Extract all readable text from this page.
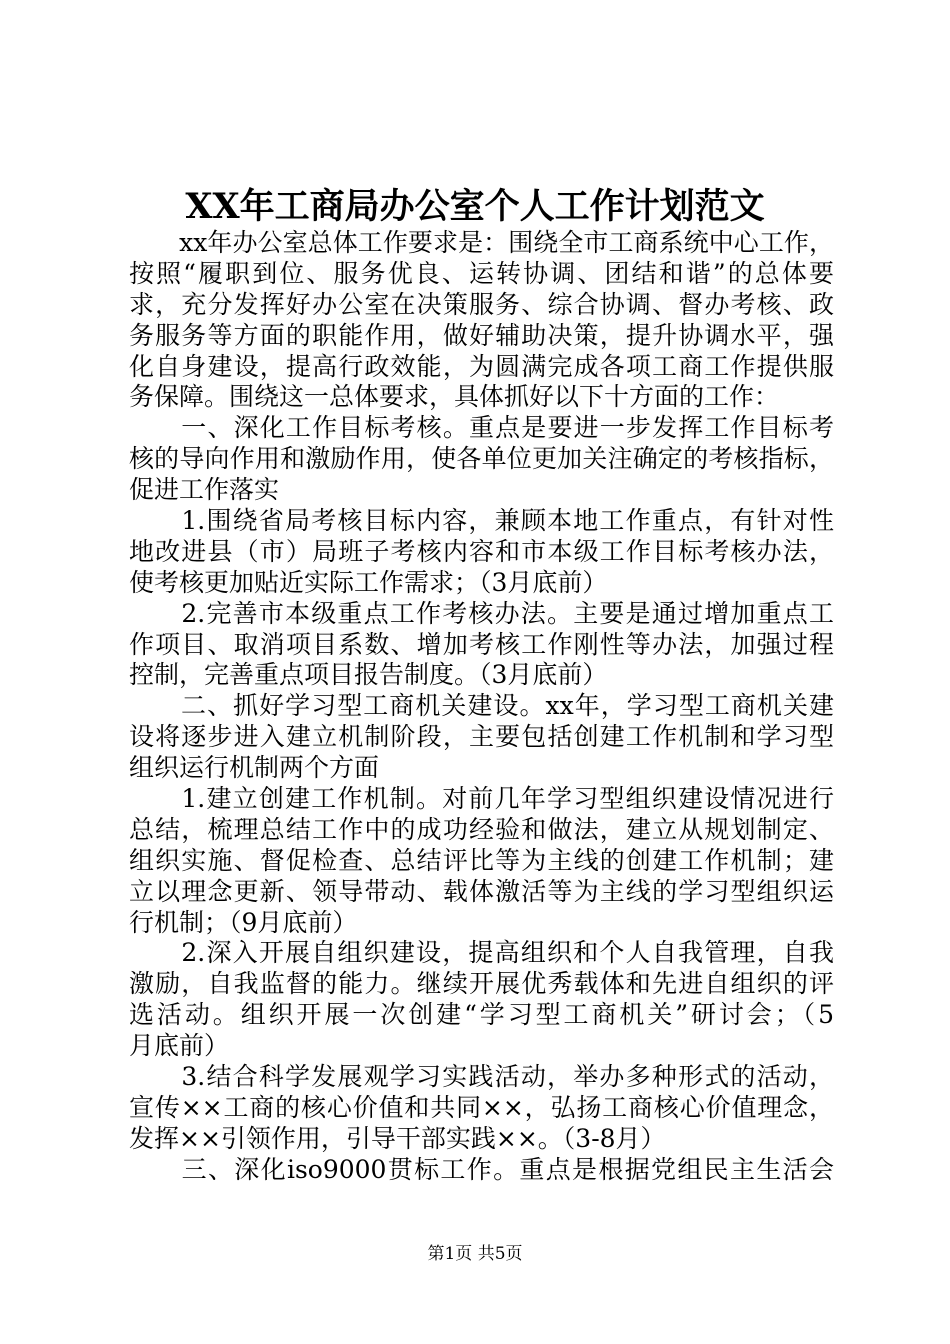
XX年工商局办公室个人工作计划范文
　　xx年办公室总体工作要求是：围绕全市工商系统中心工作，
按照“履职到位、服务优良、运转协调、团结和谐”的总体要
求，充分发挥好办公室在决策服务、综合协调、督办考核、政
务服务等方面的职能作用，做好辅助决策，提升协调水平，强
化自身建设，提高行政效能，为圆满完成各项工商工作提供服
务保障。围绕这一总体要求，具体抓好以下十方面的工作：
　　一、深化工作目标考核。重点是要进一步发挥工作目标考
核的导向作用和激励作用，使各单位更加关注确定的考核指标，
促进工作落实
　　1.围绕省局考核目标内容，兼顾本地工作重点，有针对性
地改进县（市）局班子考核内容和市本级工作目标考核办法，
使考核更加贴近实际工作需求；（3月底前）
　　2.完善市本级重点工作考核办法。主要是通过增加重点工
作项目、取消项目系数、增加考核工作刚性等办法，加强过程
控制，完善重点项目报告制度。（3月底前）
　　二、抓好学习型工商机关建设。xx年，学习型工商机关建
设将逐步进入建立机制阶段，主要包括创建工作机制和学习型
组织运行机制两个方面
　　1.建立创建工作机制。对前几年学习型组织建设情况进行
总结，梳理总结工作中的成功经验和做法，建立从规划制定、
组织实施、督促检查、总结评比等为主线的创建工作机制；建
立以理念更新、领导带动、载体激活等为主线的学习型组织运
行机制；（9月底前）
　　2.深入开展自组织建设，提高组织和个人自我管理，自我
激励，自我监督的能力。继续开展优秀载体和先进自组织的评
选活动。组织开展一次创建“学习型工商机关”研讨会；（5
月底前）
　　3.结合科学发展观学习实践活动，举办多种形式的活动，
宣传××工商的核心价值和共同××，弘扬工商核心价值理念，
发挥××引领作用，引导干部实践××。（3-8月）
　　三、深化iso9000贯标工作。重点是根据党组民主生活会
第1页 共5页
